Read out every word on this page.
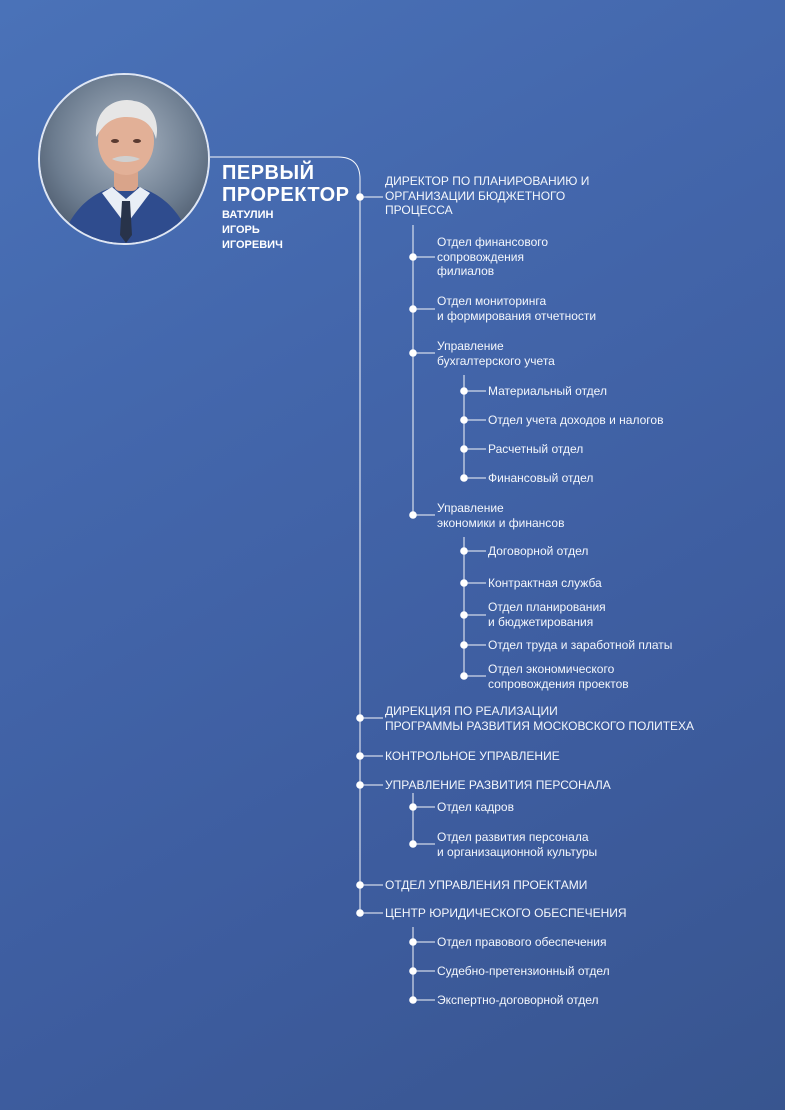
ПЕРВЫЙ
ПРОРЕКТОР
ВАТУЛИН
ИГОРЬ
ИГОРЕВИЧ
ДИРЕКТОР ПО ПЛАНИРОВАНИЮ И
ОРГАНИЗАЦИИ БЮДЖЕТНОГО
ПРОЦЕССА
Отдел финансового
сопровождения
филиалов
Отдел мониторинга
и формирования отчетности
Управление
бухгалтерского учета
Материальный отдел
Отдел учета доходов и налогов
Расчетный отдел
Финансовый отдел
Управление
экономики и финансов
Договорной отдел
Контрактная служба
Отдел планирования
и бюджетирования
Отдел труда и заработной платы
Отдел экономического
сопровождения проектов
ДИРЕКЦИЯ ПО РЕАЛИЗАЦИИ
ПРОГРАММЫ РАЗВИТИЯ МОСКОВСКОГО ПОЛИТЕХА
КОНТРОЛЬНОЕ УПРАВЛЕНИЕ
УПРАВЛЕНИЕ РАЗВИТИЯ ПЕРСОНАЛА
Отдел кадров
Отдел развития персонала
и организационной культуры
ОТДЕЛ УПРАВЛЕНИЯ ПРОЕКТАМИ
ЦЕНТР ЮРИДИЧЕСКОГО ОБЕСПЕЧЕНИЯ
Отдел правового обеспечения
Судебно-претензионный отдел
Экспертно-договорной отдел
